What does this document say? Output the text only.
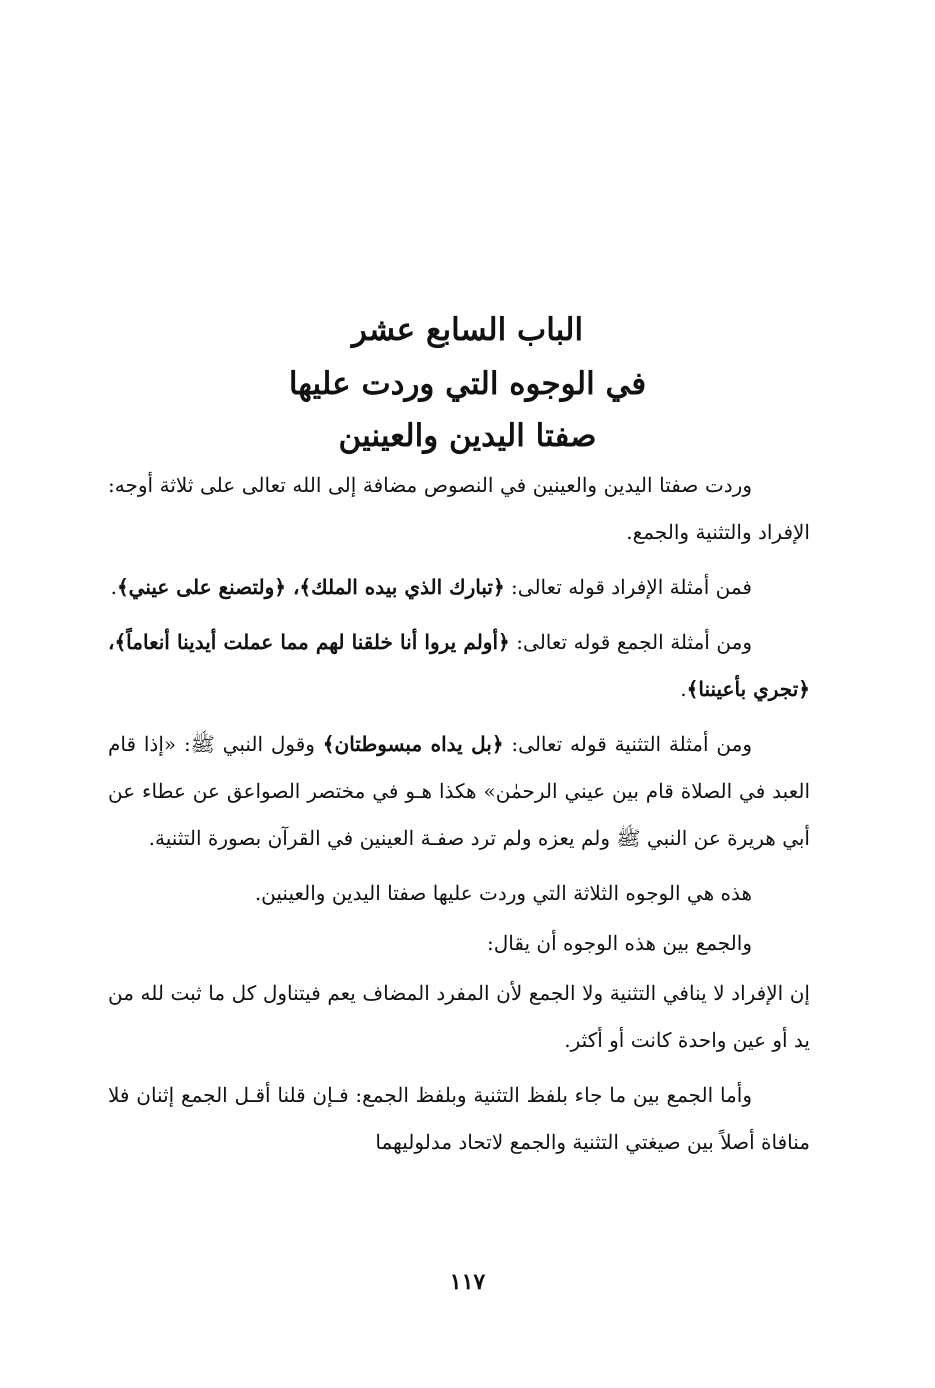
الباب السابع عشر
في الوجوه التي وردت عليها
صفتا اليدين والعينين

وردت صفتا اليدين والعينين في النصوص مضافة إلى الله تعالى على ثلاثة أوجه: الإفراد والتثنية والجمع.

فمن أمثلة الإفراد قوله تعالى: ﴿تبارك الذي بيده الملك﴾، ﴿ولتصنع على عيني﴾.

ومن أمثلة الجمع قوله تعالى: ﴿أولم يروا أنا خلقنا لهم مما عملت أيدينا أنعاماً﴾، ﴿تجري بأعيننا﴾.

ومن أمثلة التثنية قوله تعالى: ﴿بل يداه مبسوطتان﴾ وقول النبي ﷺ: «إذا قام العبد في الصلاة قام بين عيني الرحمٰن» هكذا هـو في مختصر الصواعق عن عطاء عن أبي هريرة عن النبي ﷺ ولم يعزه ولم ترد صفـة العينين في القرآن بصورة التثنية.

هذه هي الوجوه الثلاثة التي وردت عليها صفتا اليدين والعينين.

والجمع بين هذه الوجوه أن يقال:

إن الإفراد لا ينافي التثنية ولا الجمع لأن المفرد المضاف يعم فيتناول كل ما ثبت لله من يد أو عين واحدة كانت أو أكثر.

وأما الجمع بين ما جاء بلفظ التثنية وبلفظ الجمع: فـإن قلنا أقـل الجمع إثنان فلا منافاة أصلاً بين صيغتي التثنية والجمع لاتحاد مدلوليهما

١١٧
